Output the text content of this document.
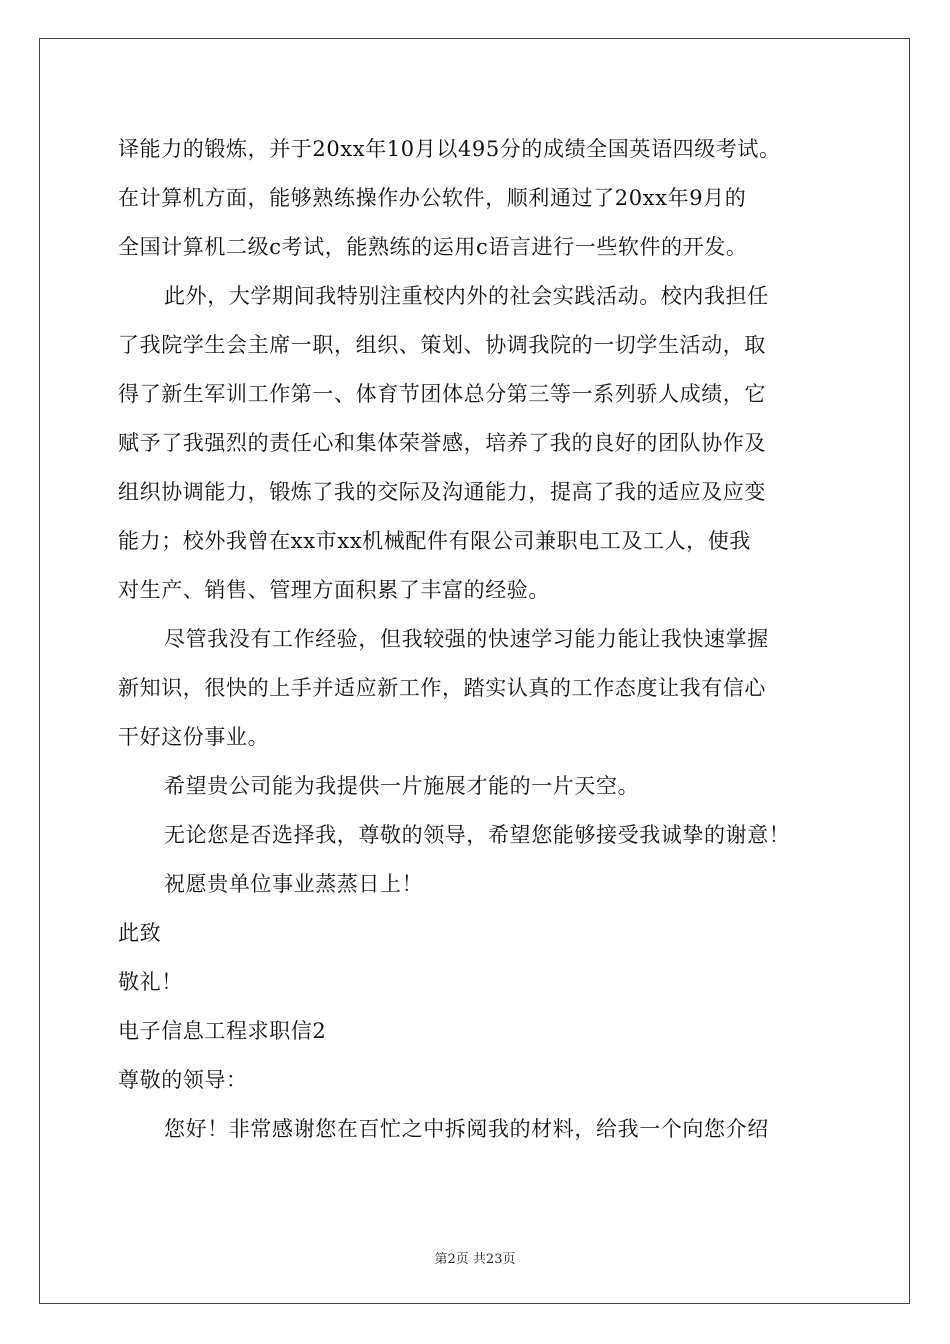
译能力的锻炼，并于20xx年10月以495分的成绩全国英语四级考试。
在计算机方面，能够熟练操作办公软件，顺利通过了20xx年9月的
全国计算机二级c考试，能熟练的运用c语言进行一些软件的开发。
此外，大学期间我特别注重校内外的社会实践活动。校内我担任
了我院学生会主席一职，组织、策划、协调我院的一切学生活动，取
得了新生军训工作第一、体育节团体总分第三等一系列骄人成绩，它
赋予了我强烈的责任心和集体荣誉感，培养了我的良好的团队协作及
组织协调能力，锻炼了我的交际及沟通能力，提高了我的适应及应变
能力；校外我曾在xx市xx机械配件有限公司兼职电工及工人，使我
对生产、销售、管理方面积累了丰富的经验。
尽管我没有工作经验，但我较强的快速学习能力能让我快速掌握
新知识，很快的上手并适应新工作，踏实认真的工作态度让我有信心
干好这份事业。
希望贵公司能为我提供一片施展才能的一片天空。
无论您是否选择我，尊敬的领导，希望您能够接受我诚挚的谢意！
祝愿贵单位事业蒸蒸日上！
此致
敬礼！
电子信息工程求职信2
尊敬的领导：
您好！非常感谢您在百忙之中拆阅我的材料，给我一个向您介绍
第2页 共23页
